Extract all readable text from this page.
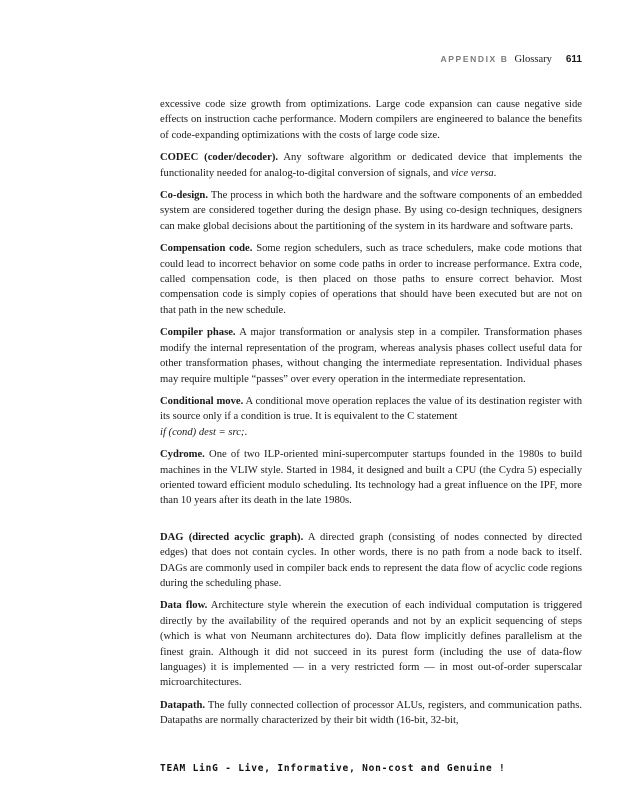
APPENDIX B Glossary 611

excessive code size growth from optimizations. Large code expansion can cause negative side effects on instruction cache performance. Modern compilers are engineered to balance the benefits of code-expanding optimizations with the costs of large code size.

CODEC (coder/decoder). Any software algorithm or dedicated device that implements the functionality needed for analog-to-digital conversion of signals, and vice versa.

Co-design. The process in which both the hardware and the software components of an embedded system are considered together during the design phase. By using co-design techniques, designers can make global decisions about the partitioning of the system in its hardware and software parts.

Compensation code. Some region schedulers, such as trace schedulers, make code motions that could lead to incorrect behavior on some code paths in order to increase performance. Extra code, called compensation code, is then placed on those paths to ensure correct behavior. Most compensation code is simply copies of operations that should have been executed but are not on that path in the new schedule.

Compiler phase. A major transformation or analysis step in a compiler. Transformation phases modify the internal representation of the program, whereas analysis phases collect useful data for other transformation phases, without changing the intermediate representation. Individual phases may require multiple “passes” over every operation in the intermediate representation.

Conditional move. A conditional move operation replaces the value of its destination register with its source only if a condition is true. It is equivalent to the C statement
if (cond) dest = src;.

Cydrome. One of two ILP-oriented mini-supercomputer startups founded in the 1980s to build machines in the VLIW style. Started in 1984, it designed and built a CPU (the Cydra 5) especially oriented toward efficient modulo scheduling. Its technology had a great influence on the IPF, more than 10 years after its death in the late 1980s.

DAG (directed acyclic graph). A directed graph (consisting of nodes connected by directed edges) that does not contain cycles. In other words, there is no path from a node back to itself. DAGs are commonly used in compiler back ends to represent the data flow of acyclic code regions during the scheduling phase.

Data flow. Architecture style wherein the execution of each individual computation is triggered directly by the availability of the required operands and not by an explicit sequencing of steps (which is what von Neumann architectures do). Data flow implicitly defines parallelism at the finest grain. Although it did not succeed in its purest form (including the use of data-flow languages) it is implemented — in a very restricted form — in most out-of-order superscalar microarchitectures.

Datapath. The fully connected collection of processor ALUs, registers, and communication paths. Datapaths are normally characterized by their bit width (16-bit, 32-bit,

TEAM LinG - Live, Informative, Non-cost and Genuine !
